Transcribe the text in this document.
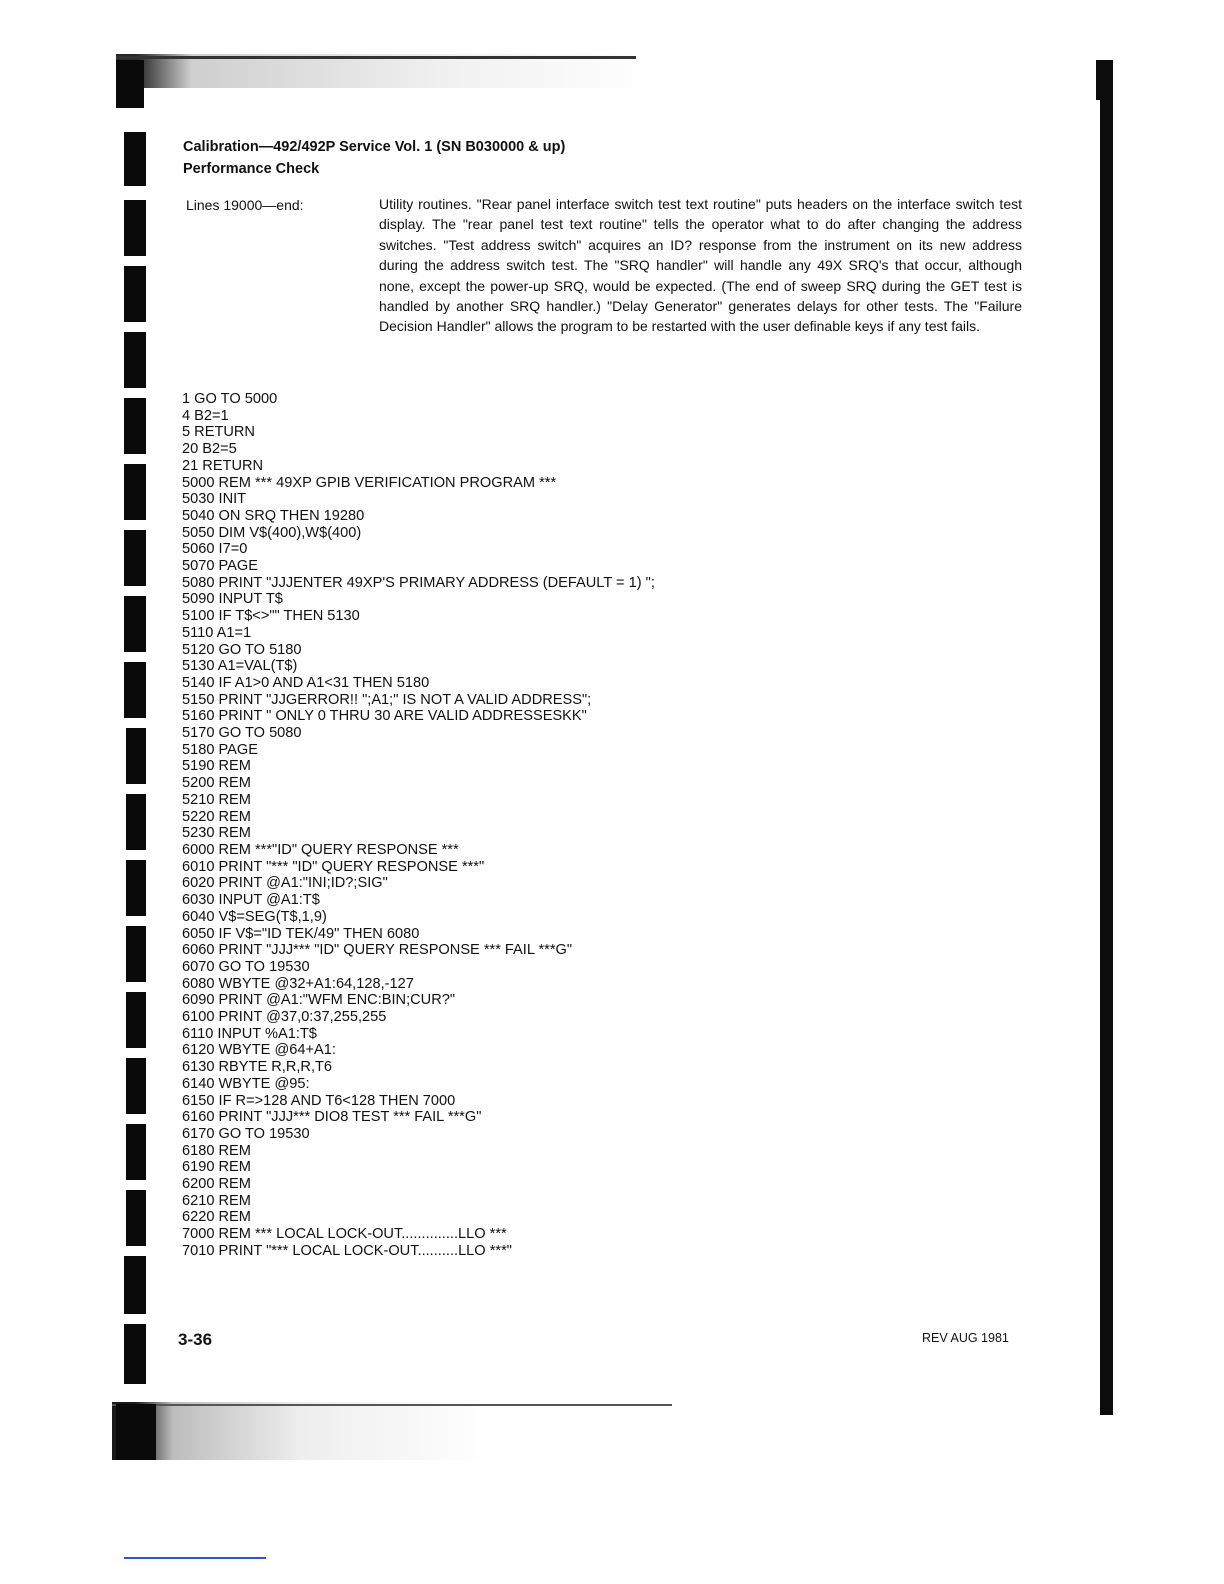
Calibration—492/492P Service Vol. 1 (SN B030000 & up)
Performance Check
Lines 19000—end:	Utility routines. "Rear panel interface switch test text routine" puts headers on the interface switch test display. The "rear panel test text routine" tells the operator what to do after changing the address switches. "Test address switch" acquires an ID? response from the instrument on its new address during the address switch test. The "SRQ handler" will handle any 49X SRQ's that occur, although none, except the power-up SRQ, would be expected. (The end of sweep SRQ during the GET test is handled by another SRQ handler.) "Delay Generator" generates delays for other tests. The "Failure Decision Handler" allows the program to be restarted with the user definable keys if any test fails.

1 GO TO 5000
4 B2=1
5 RETURN
20 B2=5
21 RETURN
5000 REM *** 49XP GPIB VERIFICATION PROGRAM ***
5030 INIT
5040 ON SRQ THEN 19280
5050 DIM V$(400),W$(400)
5060 I7=0
5070 PAGE
5080 PRINT "JJJENTER 49XP'S PRIMARY ADDRESS (DEFAULT = 1) ";
5090 INPUT T$
5100 IF T$<>"" THEN 5130
5110 A1=1
5120 GO TO 5180
5130 A1=VAL(T$)
5140 IF A1>0 AND A1<31 THEN 5180
5150 PRINT "JJGERROR!! ";A1;" IS NOT A VALID ADDRESS";
5160 PRINT " ONLY 0 THRU 30 ARE VALID ADDRESSESKK"
5170 GO TO 5080
5180 PAGE
5190 REM
5200 REM
5210 REM
5220 REM
5230 REM
6000 REM ***"ID" QUERY RESPONSE ***
6010 PRINT "*** "ID" QUERY RESPONSE ***"
6020 PRINT @A1:"INI;ID?;SIG"
6030 INPUT @A1:T$
6040 V$=SEG(T$,1,9)
6050 IF V$="ID TEK/49" THEN 6080
6060 PRINT "JJJ*** "ID" QUERY RESPONSE *** FAIL ***G"
6070 GO TO 19530
6080 WBYTE @32+A1:64,128,-127
6090 PRINT @A1:"WFM ENC:BIN;CUR?"
6100 PRINT @37,0:37,255,255
6110 INPUT %A1:T$
6120 WBYTE @64+A1:
6130 RBYTE R,R,R,T6
6140 WBYTE @95:
6150 IF R=>128 AND T6<128 THEN 7000
6160 PRINT "JJJ*** DIO8 TEST *** FAIL ***G"
6170 GO TO 19530
6180 REM
6190 REM
6200 REM
6210 REM
6220 REM
7000 REM *** LOCAL LOCK-OUT..............LLO ***
7010 PRINT "*** LOCAL LOCK-OUT..........LLO ***"
3-36	REV AUG 1981
